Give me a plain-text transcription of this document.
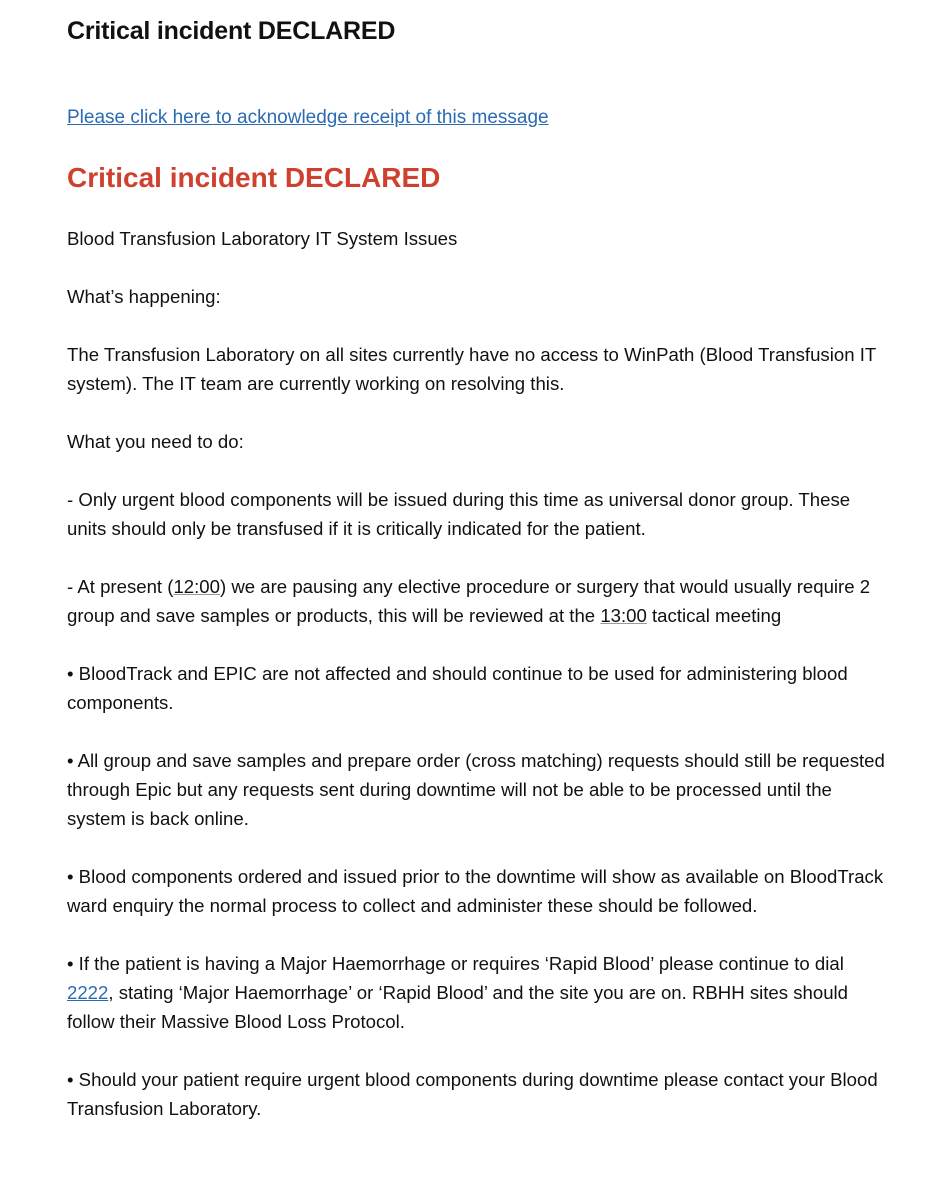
Critical incident DECLARED
Please click here to acknowledge receipt of this message
Critical incident DECLARED

Blood Transfusion Laboratory IT System Issues

What’s happening:

The Transfusion Laboratory on all sites currently have no access to WinPath (Blood Transfusion IT system). The IT team are currently working on resolving this.

What you need to do:

- Only urgent blood components will be issued during this time as universal donor group. These units should only be transfused if it is critically indicated for the patient.

- At present (12:00) we are pausing any elective procedure or surgery that would usually require 2 group and save samples or products, this will be reviewed at the 13:00 tactical meeting

• BloodTrack and EPIC are not affected and should continue to be used for administering blood components.

• All group and save samples and prepare order (cross matching) requests should still be requested through Epic but any requests sent during downtime will not be able to be processed until the system is back online.

• Blood components ordered and issued prior to the downtime will show as available on BloodTrack ward enquiry the normal process to collect and administer these should be followed.

• If the patient is having a Major Haemorrhage or requires ‘Rapid Blood’ please continue to dial 2222, stating ‘Major Haemorrhage’ or ‘Rapid Blood’ and the site you are on. RBHH sites should follow their Massive Blood Loss Protocol.

• Should your patient require urgent blood components during downtime please contact your Blood Transfusion Laboratory.
